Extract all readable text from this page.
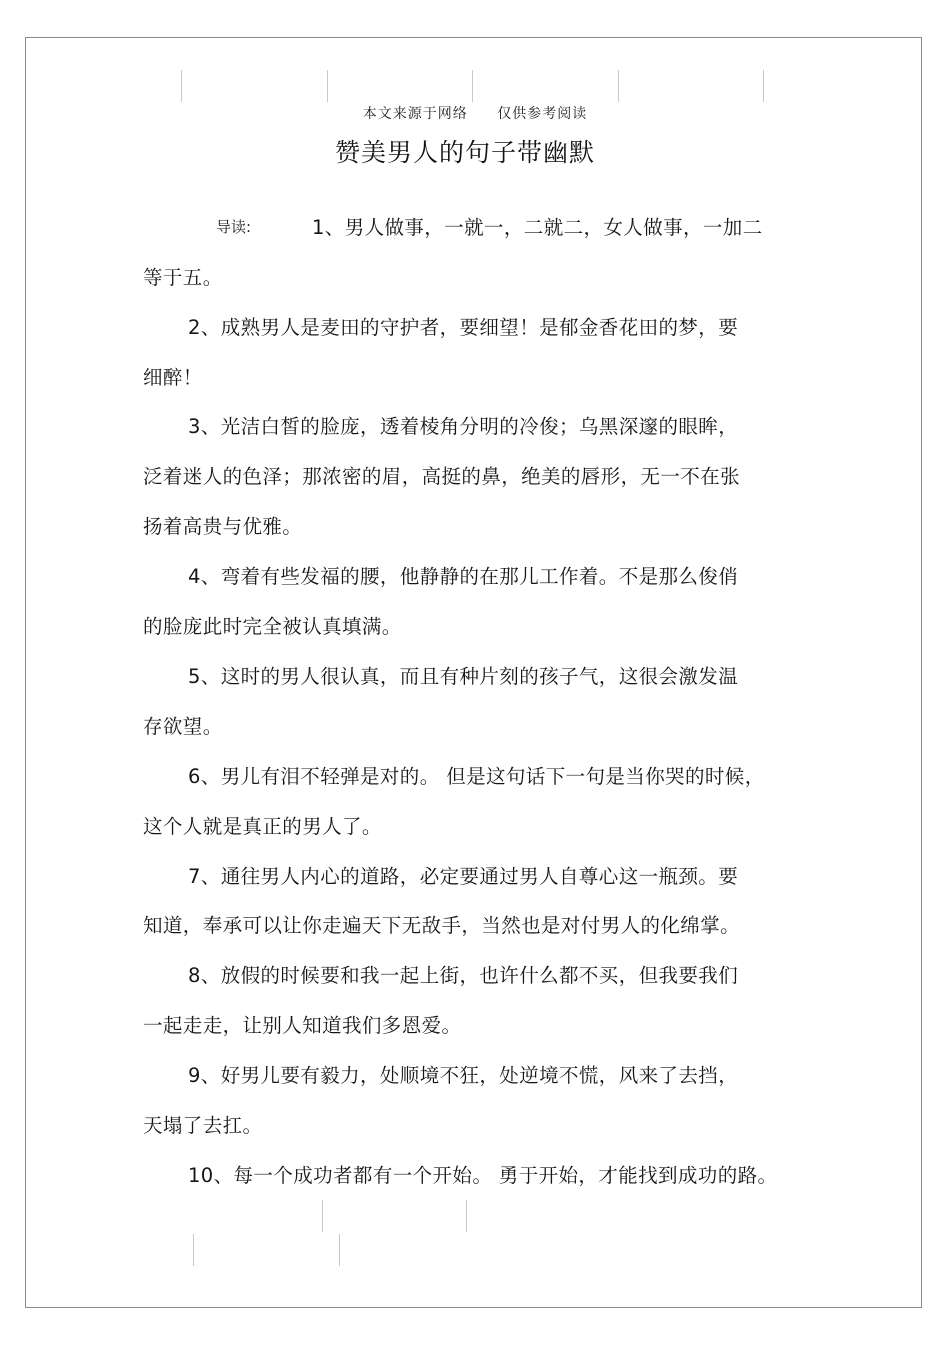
本文来源于网络 仅供参考阅读
赞美男人的句子带幽默
导读:	1、男人做事，一就一，二就二，女人做事，一加二
等于五。
2、成熟男人是麦田的守护者，要细望！是郁金香花田的梦，要
细醉！
3、光洁白皙的脸庞，透着棱角分明的冷俊；乌黑深邃的眼眸，
泛着迷人的色泽；那浓密的眉，高挺的鼻，绝美的唇形，无一不在张
扬着高贵与优雅。
4、弯着有些发福的腰，他静静的在那儿工作着。不是那么俊俏
的脸庞此时完全被认真填满。
5、这时的男人很认真，而且有种片刻的孩子气，这很会激发温
存欲望。
6、男儿有泪不轻弹是对的。 但是这句话下一句是当你哭的时候，
这个人就是真正的男人了。
7、通往男人内心的道路，必定要通过男人自尊心这一瓶颈。要
知道，奉承可以让你走遍天下无敌手，当然也是对付男人的化绵掌。
8、放假的时候要和我一起上街，也许什么都不买，但我要我们
一起走走，让别人知道我们多恩爱。
9、好男儿要有毅力，处顺境不狂，处逆境不慌，风来了去挡，
天塌了去扛。
10、每一个成功者都有一个开始。 勇于开始，才能找到成功的路。
